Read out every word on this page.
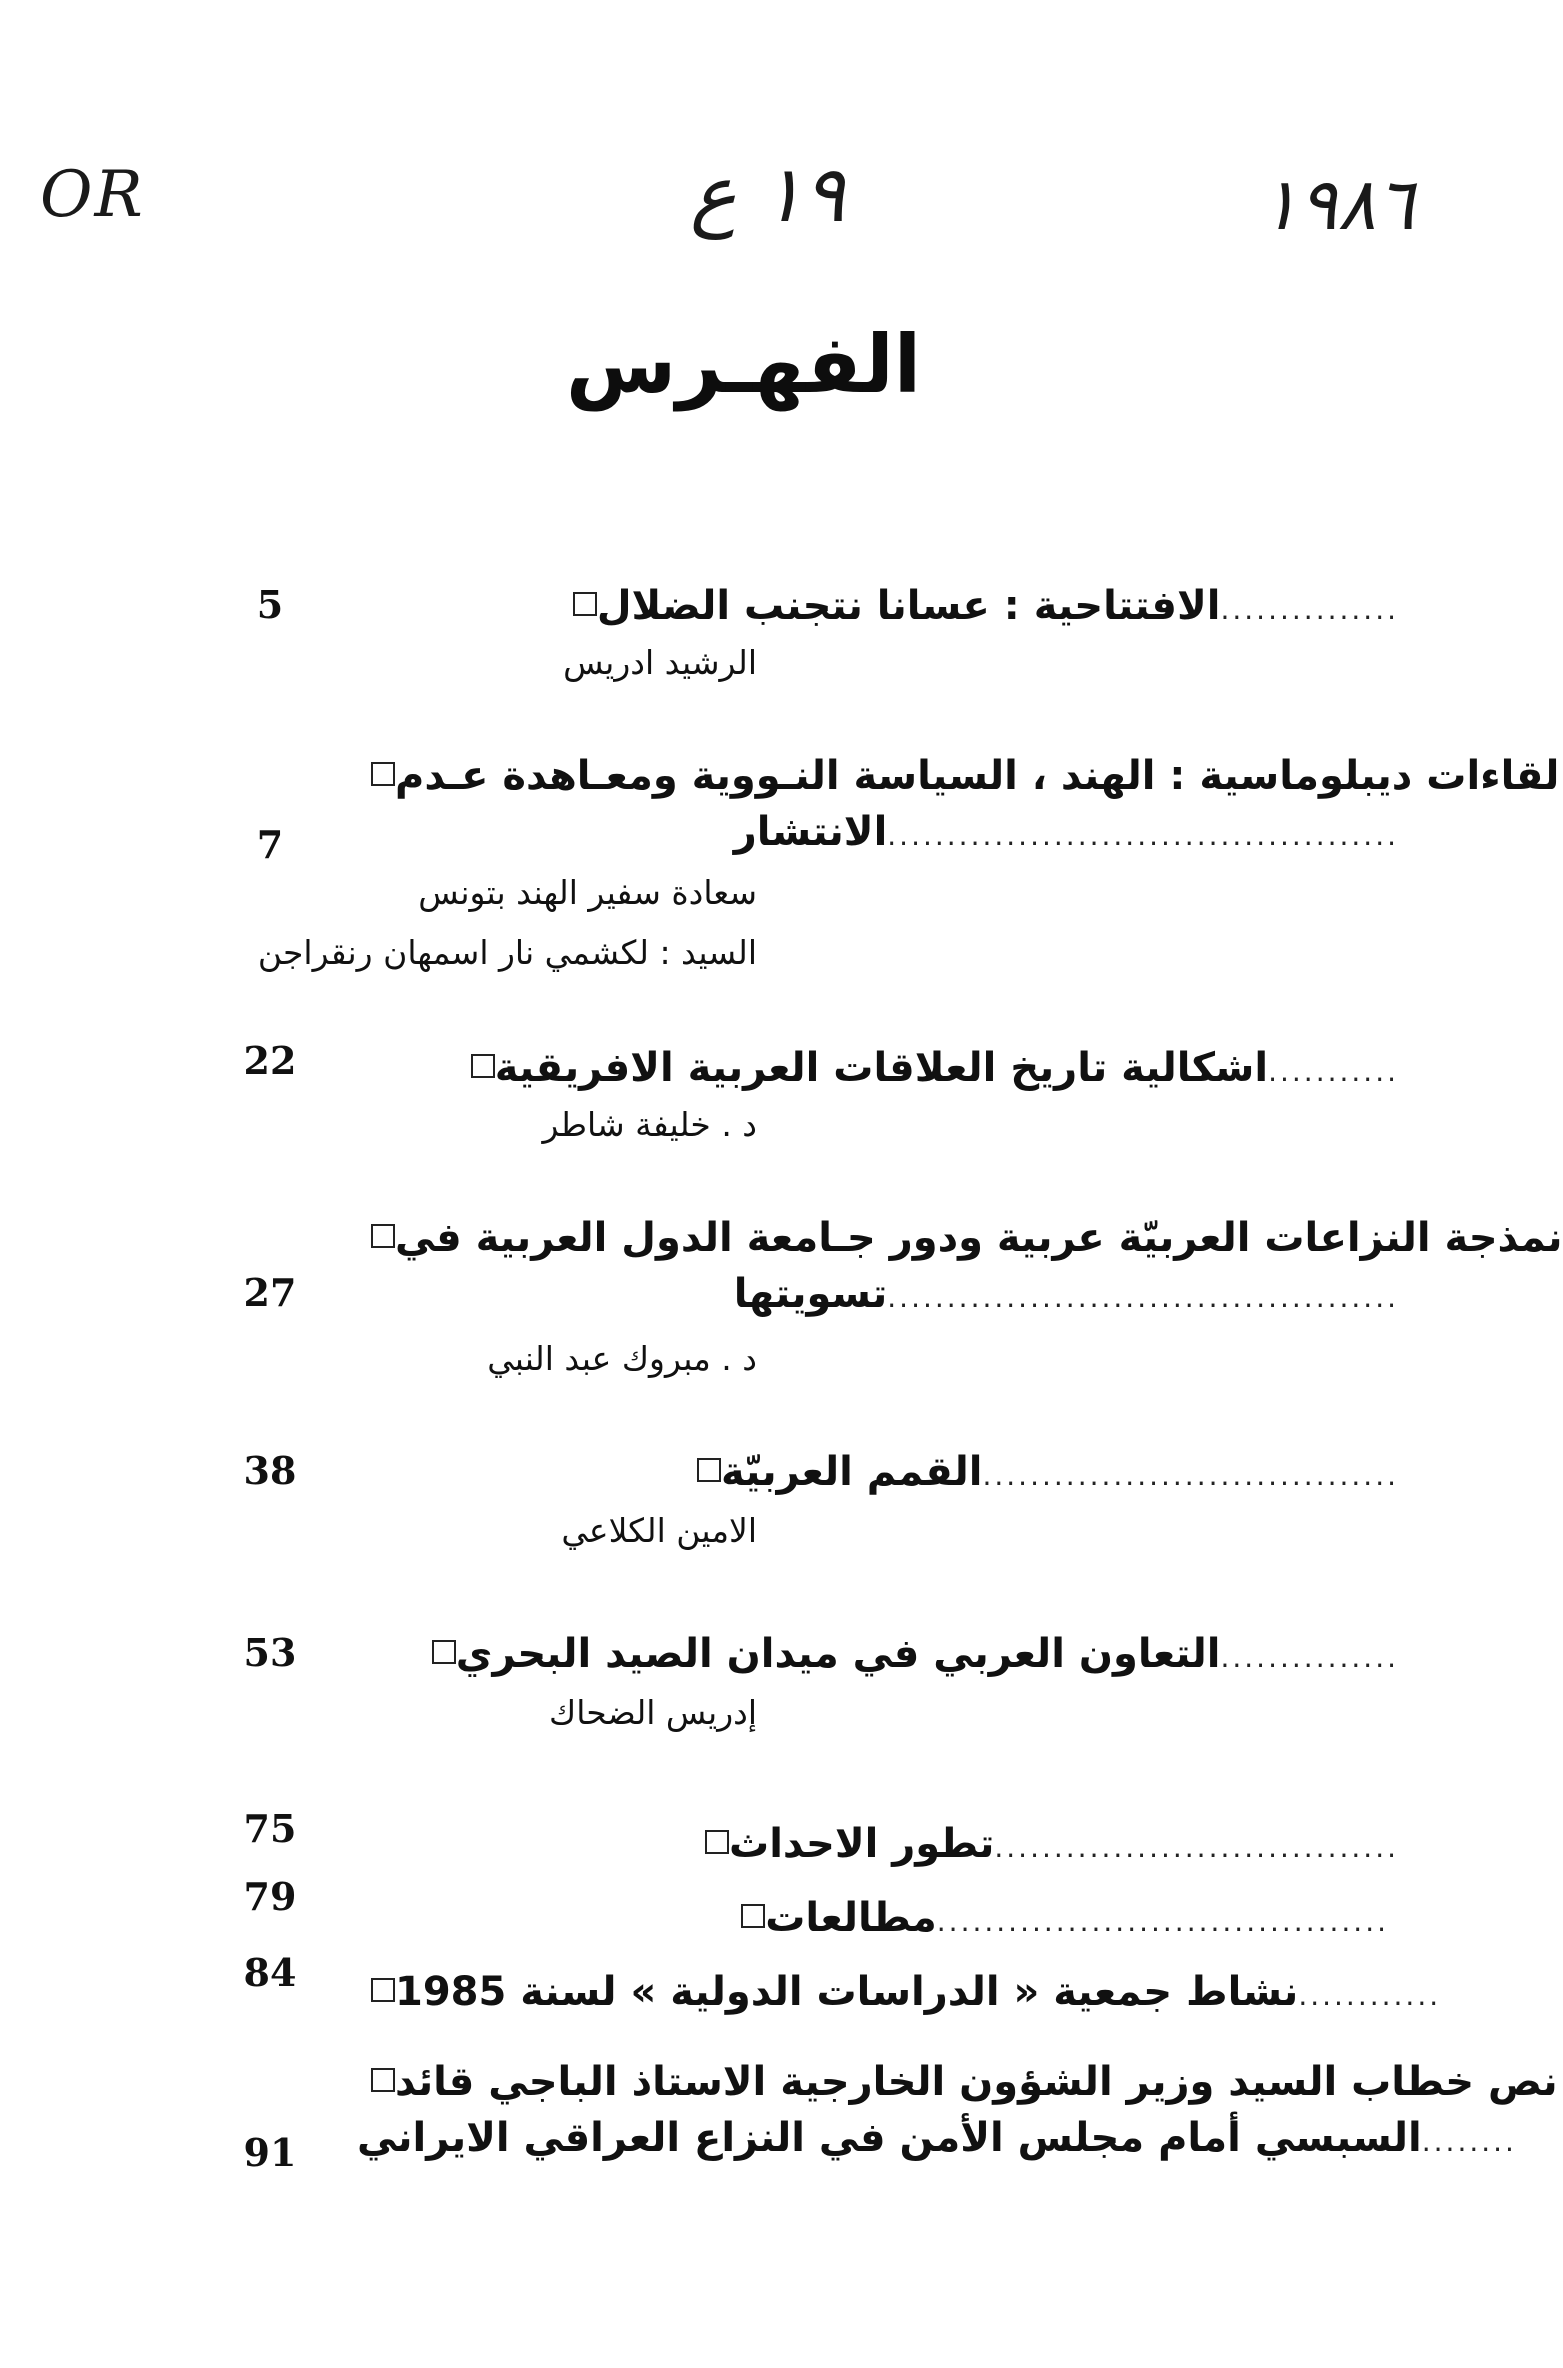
OR	١٩ ع	١٩٨٦
الفهـرس
5	الافتتاحية : عسانا نتجنب الضلال...............
الرشيد ادريس
لقاءات ديبلوماسية : الهند ، السياسة النـووية ومعـاهدة عـدم
7	الانتشار...........................................
سعادة سفير الهند بتونس
السيد : لكشمي نار اسمهان رنقراجن
22	اشكالية تاريخ العلاقات العربية الافريقية...........
د . خليفة شاطر
نمذجة النزاعات العربيّة عربية ودور جـامعة الدول العربية في
27	تسويتها...........................................
د . مبروك عبد النبي
38	القمم العربيّة...................................
الامين الكلاعي
53	التعاون العربي في ميدان الصيد البحري...............
إدريس الضحاك
75	تطور الاحداث..................................
79	مطالعات......................................
84	نشاط جمعية « الدراسات الدولية » لسنة 1985............
نص خطاب السيد وزير الشؤون الخارجية الاستاذ الباجي قائد
91	السبسي أمام مجلس الأمن في النزاع العراقي الايراني........
